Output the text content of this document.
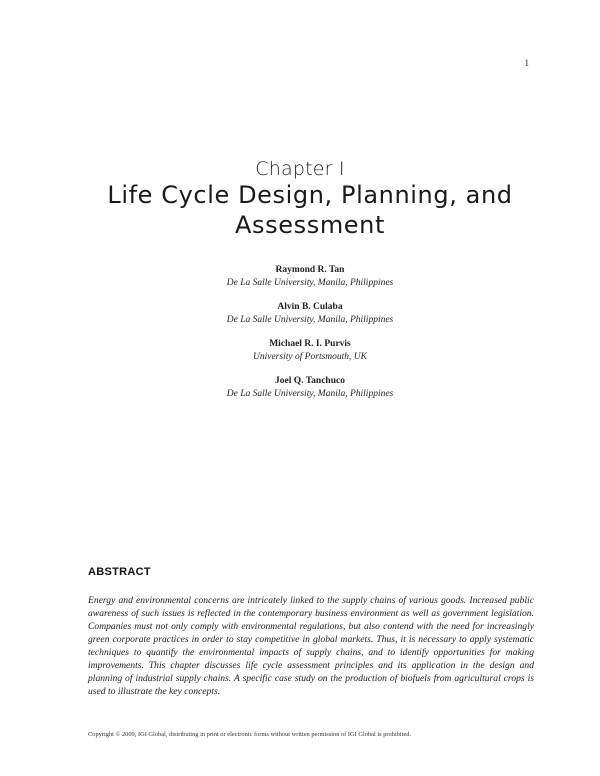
1
Chapter I
Life Cycle Design, Planning, and Assessment
Raymond R. Tan
De La Salle University, Manila, Philippines
Alvin B. Culaba
De La Salle University, Manila, Philippines
Michael R. I. Purvis
University of Portsmouth, UK
Joel Q. Tanchuco
De La Salle University, Manila, Philippines
ABSTRACT
Energy and environmental concerns are intricately linked to the supply chains of various goods. Increased public awareness of such issues is reflected in the contemporary business environment as well as government legislation. Companies must not only comply with environmental regulations, but also contend with the need for increasingly green corporate practices in order to stay competitive in global markets. Thus, it is necessary to apply systematic techniques to quantify the environmental impacts of supply chains, and to identify opportunities for making improvements. This chapter discusses life cycle assessment principles and its application in the design and planning of industrial supply chains. A specific case study on the production of biofuels from agricultural crops is used to illustrate the key concepts.
Copyright © 2009, IGI Global, distributing in print or electronic forms without written permission of IGI Global is prohibited.
